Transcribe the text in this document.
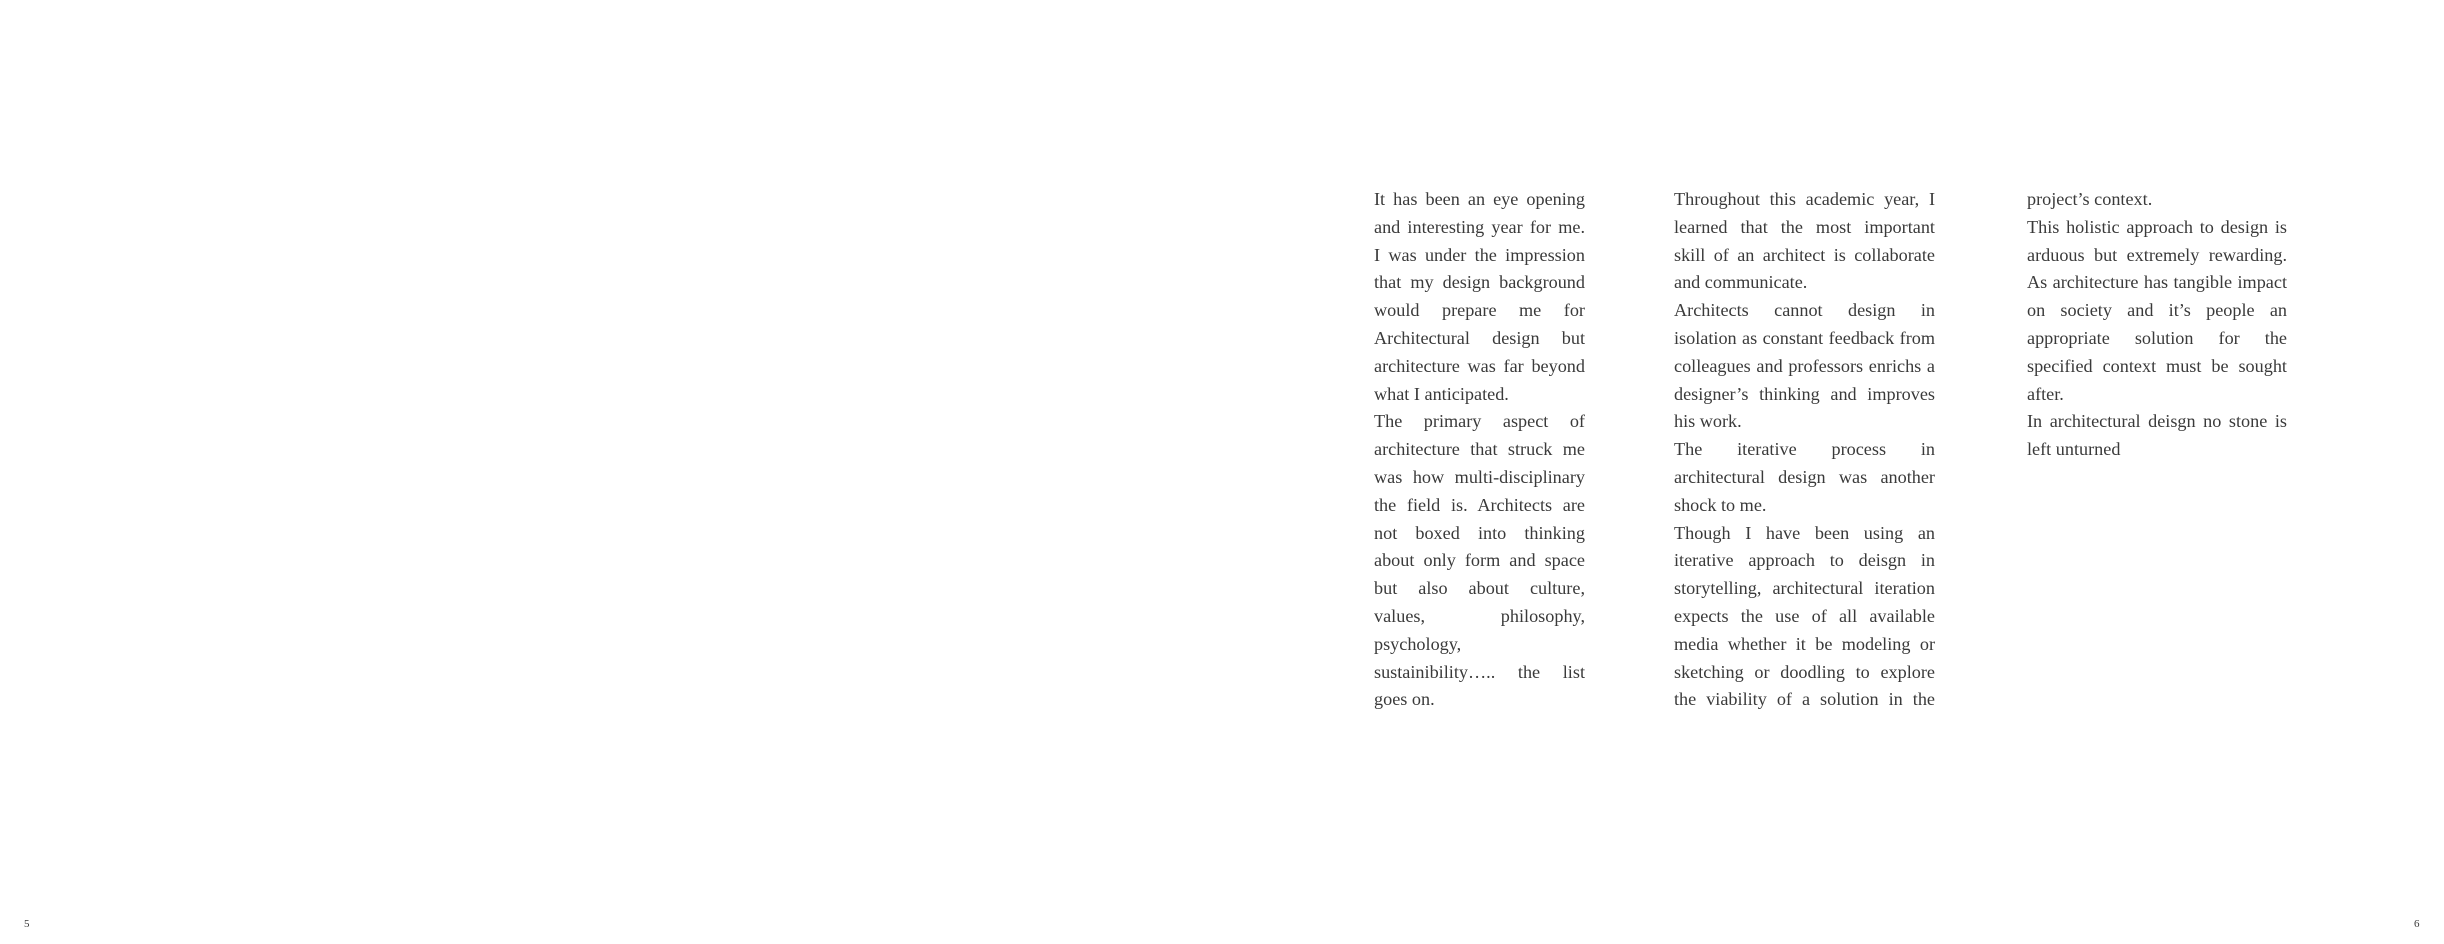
It has been an eye opening and interesting year for me. I was under the impression that my design background would prepare me for Architectural design but architecture was far beyond what I anticipated.

The primary aspect of architecture that struck me was how multi-disciplinary the field is. Architects are not boxed into thinking about only form and space but also about culture, values, philosophy, psychology, sustainibility….. the list goes on.

Throughout this academic year, I learned that the most important skill of an architect is collaborate and communicate.

Architects cannot design in isolation as constant feedback from colleagues and professors enrichs a designer’s thinking and improves his work.

The iterative process in architectural design was another shock to me.

Though I have been using an iterative approach to deisgn in storytelling, architectural iteration expects the use of all available media whether it be modeling or sketching or doodling to explore the viability of a solution in the

project’s context.

This holistic approach to design is arduous but extremely rewarding. As architecture has tangible impact on society and it’s people an appropriate solution for the specified context must be sought after.

In architectural deisgn no stone is left unturned

5	6
